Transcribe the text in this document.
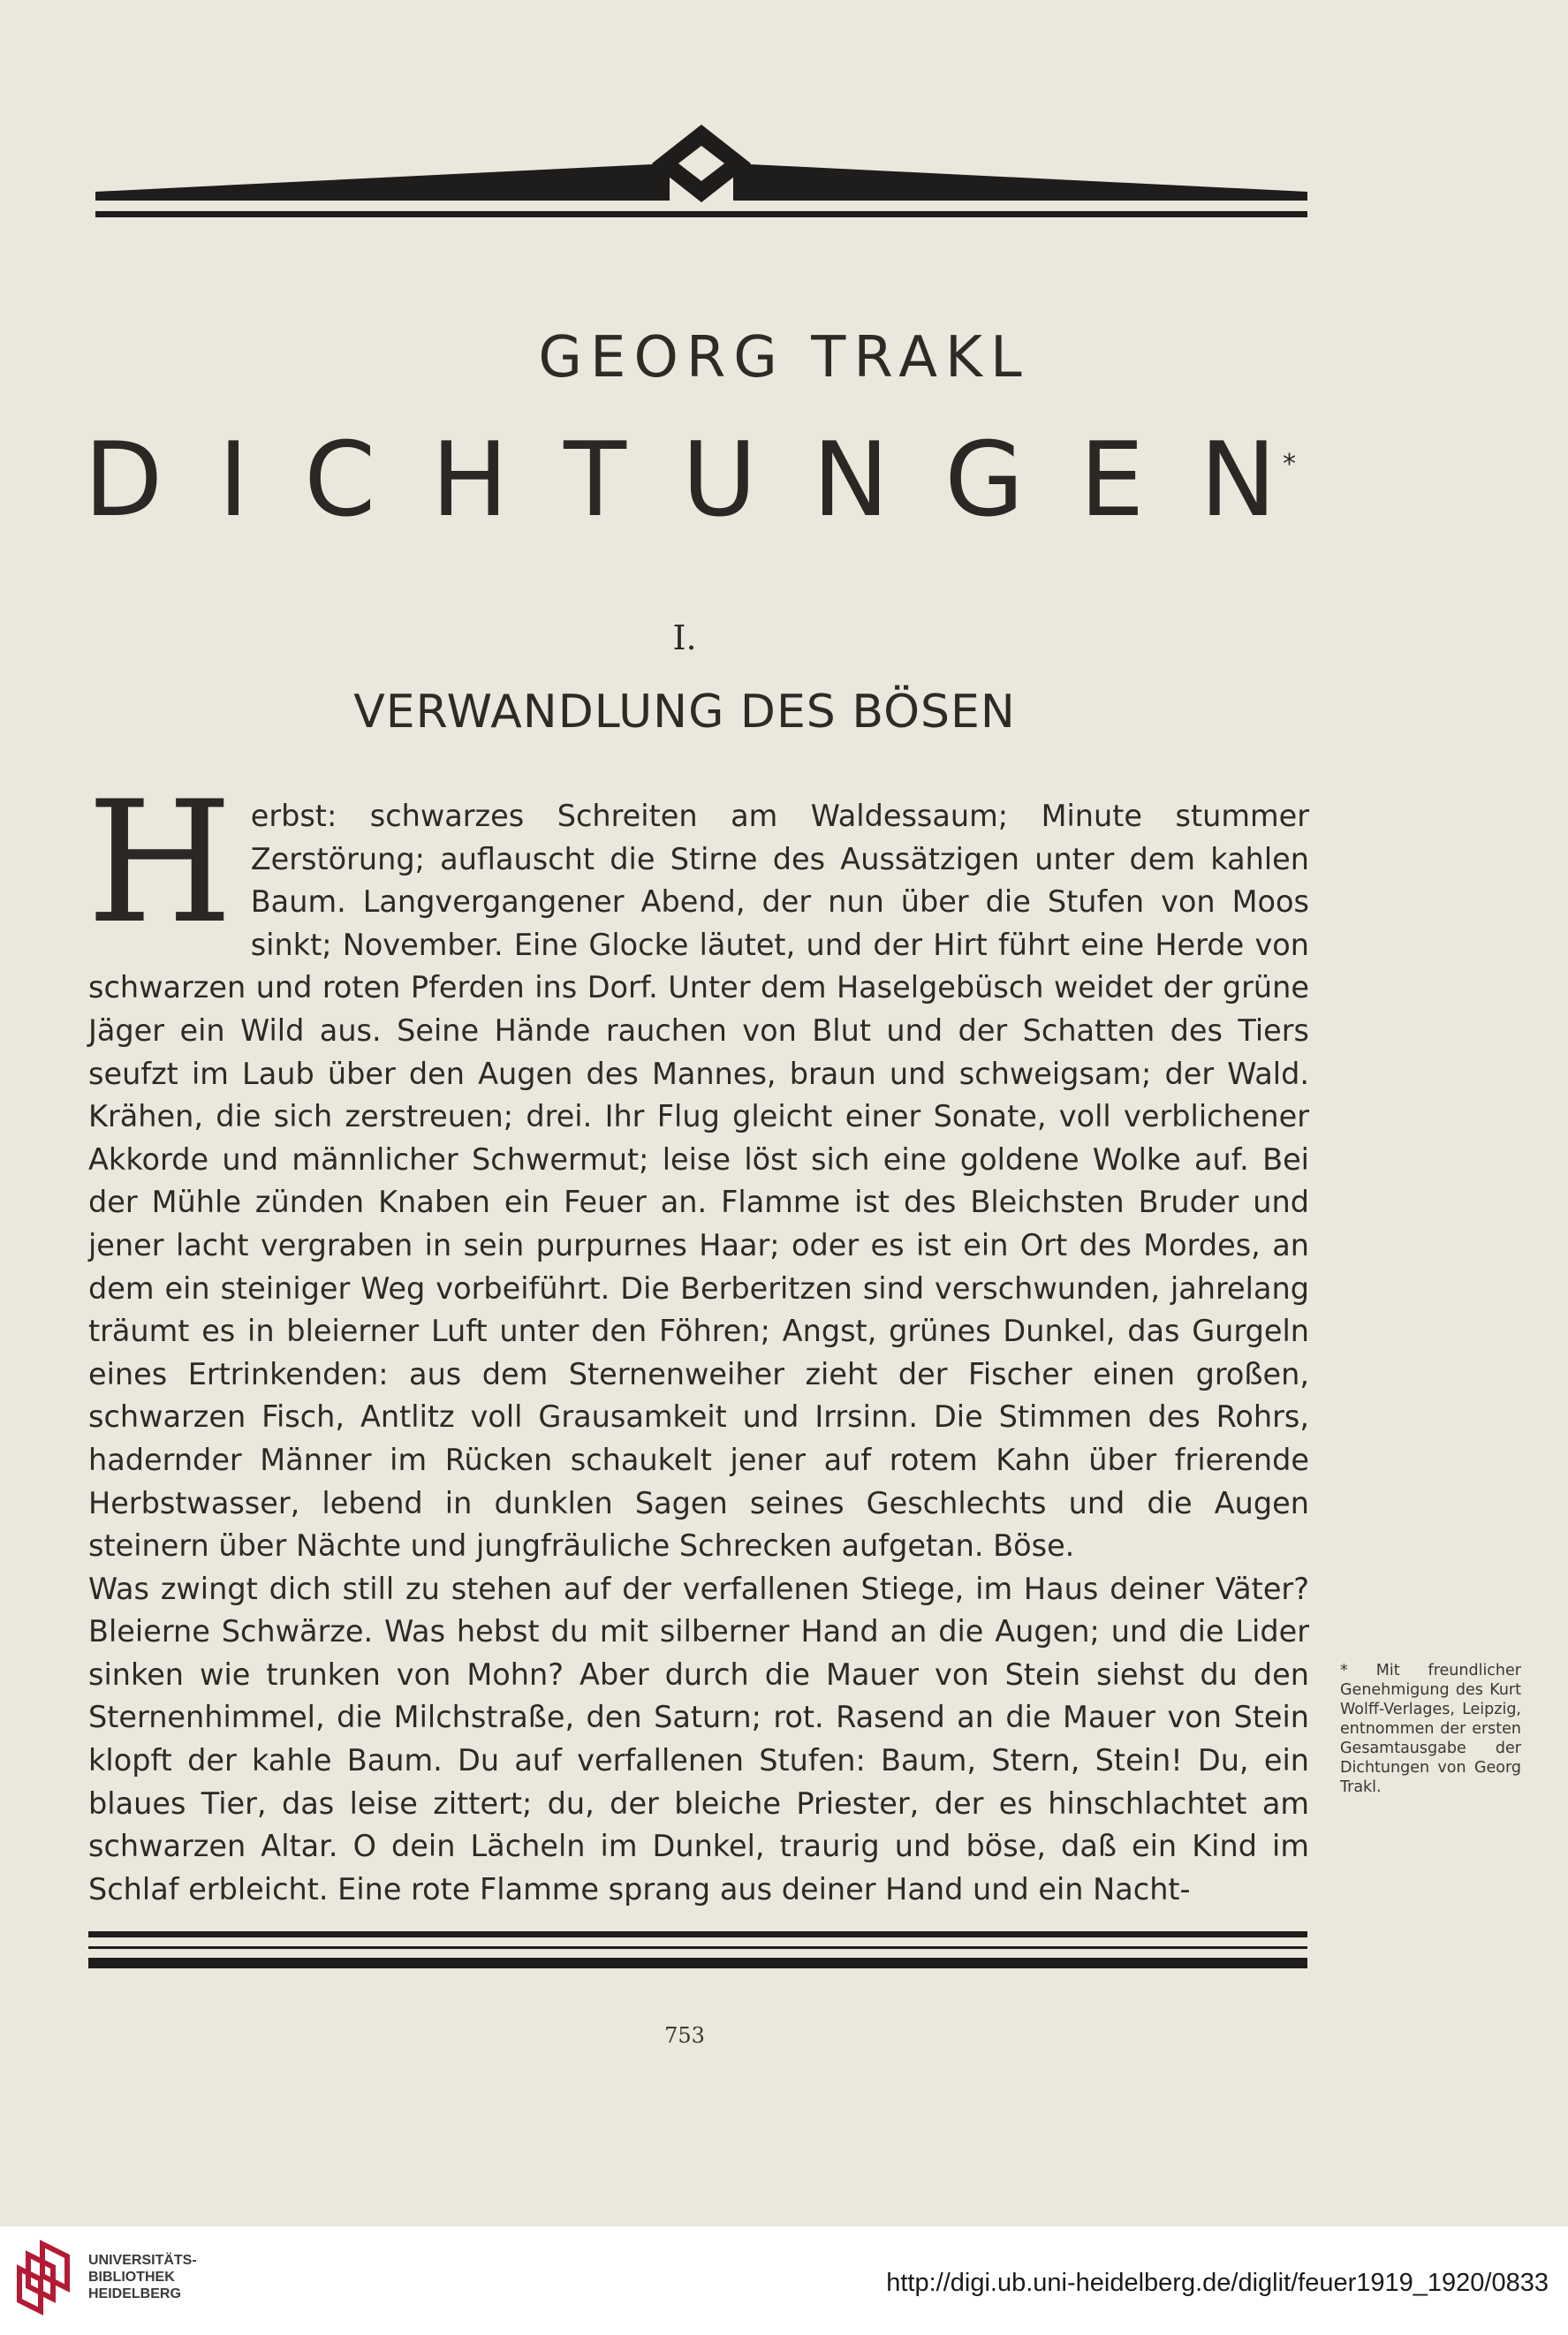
GEORG TRAKL
D I C H T U N G E N *
I.
VERWANDLUNG DES BÖSEN

Herbst: schwarzes Schreiten am Waldessaum; Minute stummer Zerstörung; auflauscht die Stirne des Aussätzigen unter dem kahlen Baum. Langvergangener Abend, der nun über die Stufen von Moos sinkt; November. Eine Glocke läutet, und der Hirt führt eine Herde von schwarzen und roten Pferden ins Dorf. Unter dem Haselgebüsch weidet der grüne Jäger ein Wild aus. Seine Hände rauchen von Blut und der Schatten des Tiers seufzt im Laub über den Augen des Mannes, braun und schweigsam; der Wald. Krähen, die sich zerstreuen; drei. Ihr Flug gleicht einer Sonate, voll verblichener Akkorde und männlicher Schwermut; leise löst sich eine goldene Wolke auf. Bei der Mühle zünden Knaben ein Feuer an. Flamme ist des Bleichsten Bruder und jener lacht vergraben in sein purpurnes Haar; oder es ist ein Ort des Mordes, an dem ein steiniger Weg vorbeiführt. Die Berberitzen sind verschwunden, jahrelang träumt es in bleierner Luft unter den Föhren; Angst, grünes Dunkel, das Gurgeln eines Ertrinkenden: aus dem Sternenweiher zieht der Fischer einen großen, schwarzen Fisch, Antlitz voll Grausamkeit und Irrsinn. Die Stimmen des Rohrs, hadernder Männer im Rücken schaukelt jener auf rotem Kahn über frierende Herbstwasser, lebend in dunklen Sagen seines Geschlechts und die Augen steinern über Nächte und jungfräuliche Schrecken aufgetan. Böse.

Was zwingt dich still zu stehen auf der verfallenen Stiege, im Haus deiner Väter? Bleierne Schwärze. Was hebst du mit silberner Hand an die Augen; und die Lider sinken wie trunken von Mohn? Aber durch die Mauer von Stein siehst du den Sternenhimmel, die Milchstraße, den Saturn; rot. Rasend an die Mauer von Stein klopft der kahle Baum. Du auf verfallenen Stufen: Baum, Stern, Stein! Du, ein blaues Tier, das leise zittert; du, der bleiche Priester, der es hinschlachtet am schwarzen Altar. O dein Lächeln im Dunkel, traurig und böse, daß ein Kind im Schlaf erbleicht. Eine rote Flamme sprang aus deiner Hand und ein Nacht-

* Mit freundlicher Genehmigung des Kurt Wolff-Verlages, Leipzig, entnommen der ersten Gesamtausgabe der Dichtungen von Georg Trakl.
753
UNIVERSITÄTS-
BIBLIOTHEK
HEIDELBERG	http://digi.ub.uni-heidelberg.de/diglit/feuer1919_1920/0833
